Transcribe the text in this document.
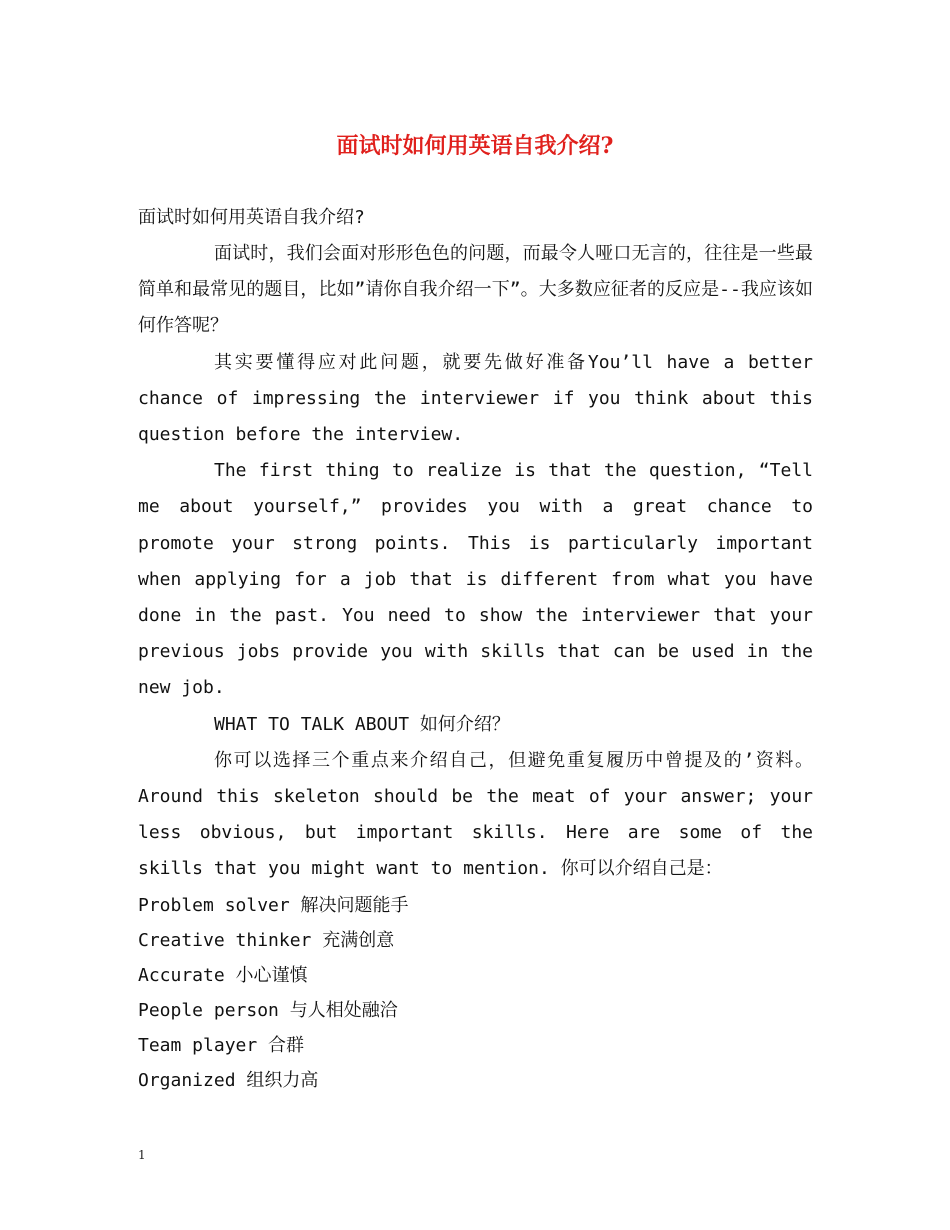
面试时如何用英语自我介绍?

面试时如何用英语自我介绍?

面试时，我们会面对形形色色的问题，而最令人哑口无言的，往往是一些最简单和最常见的题目，比如”请你自我介绍一下”。大多数应征者的反应是--我应该如何作答呢？

其实要懂得应对此问题，就要先做好准备You’ll have a better chance of impressing the interviewer if you think about this question before the interview.

The first thing to realize is that the question, “Tell me about yourself,” provides you with a great chance to promote your strong points. This is particularly important when applying for a job that is different from what you have done in the past. You need to show the interviewer that your previous jobs provide you with skills that can be used in the new job.

WHAT TO TALK ABOUT 如何介绍？

你可以选择三个重点来介绍自己，但避免重复履历中曾提及的’资料。Around this skeleton should be the meat of your answer; your less obvious, but important skills. Here are some of the skills that you might want to mention. 你可以介绍自己是：

Problem solver 解决问题能手
Creative thinker 充满创意
Accurate 小心谨慎
People person 与人相处融洽
Team player 合群
Organized 组织力高
1
